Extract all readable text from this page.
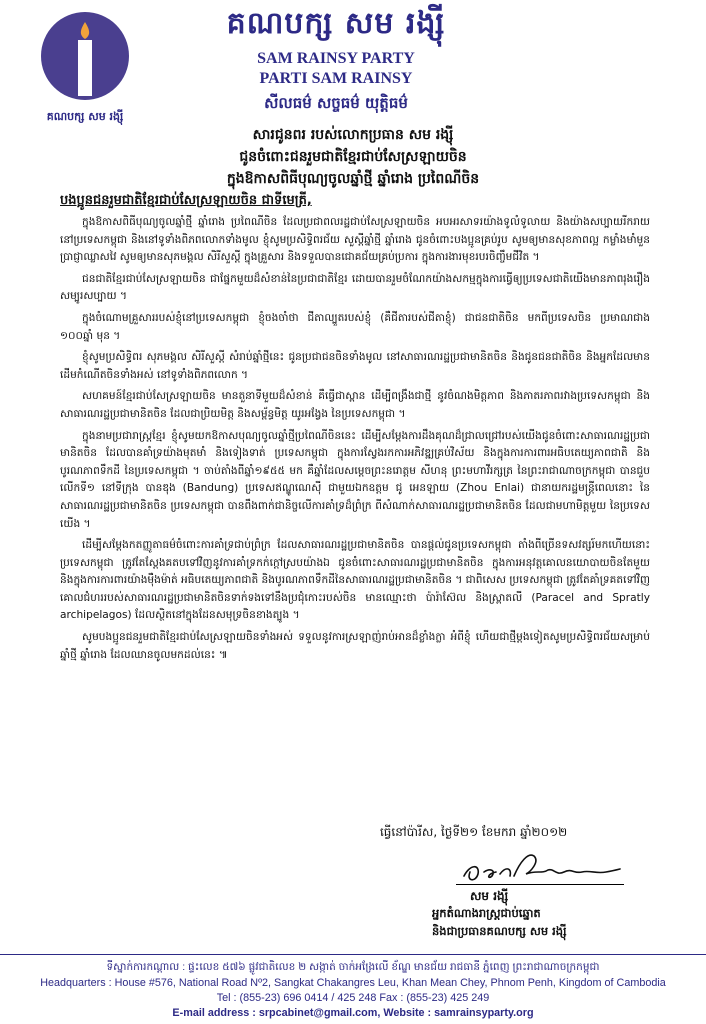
គណបក្ស សម រង្ស៊ី
គណបក្ស សម រង្ស៊ី
SAM RAINSY PARTY
PARTI SAM RAINSY
សីលធម៌ សច្ចធម៌ យុត្តិធម៌
សារជូនពរ របស់លោកប្រធាន សម រង្ស៊ី
ជូនចំពោះជនរួមជាតិខ្មែរជាប់សែស្រឡាយចិន
ក្នុងឱកាសពិធីបុណ្យចូលឆ្នាំថ្មី ឆ្នាំរោង ប្រពៃណីចិន
បងប្អូនជនរួមជាតិខ្មែរជាប់សែស្រឡាយចិន ជាទីមេត្រី,

ក្នុងឱកាសពិធីបុណ្យចូលឆ្នាំថ្មី ឆ្នាំរោង ប្រពៃណីចិន ដែលប្រជាពលរដ្ឋជាប់សែស្រឡាយចិន អបអរសាទរយ៉ាងទូលំទូលាយ និងយ៉ាងសប្បាយរីករាយ នៅប្រទេសកម្ពុជា និងនៅទូទាំងពិភពលោកទាំងមូល ខ្ញុំសូមប្រសិទ្ធិពរជ័យ សួស្តីឆ្នាំថ្មី ឆ្នាំរោង ជូនចំពោះបងប្អូនគ្រប់រូប សូមឲ្យមានសុខភាពល្អ កម្លាំងមាំមួន ប្រាជ្ញាឈ្លាសវៃ សូមឲ្យមានសុភមង្គល សិរីសួស្តី ក្នុងគ្រួសារ និងទទួលបានជោគជ័យគ្រប់ប្រការ ក្នុងការងារមុខរបរចិញ្ចឹមជីវិត ។

ជនជាតិខ្មែរជាប់សែស្រឡាយចិន ជាផ្នែកមួយដ៏សំខាន់នៃប្រជាជាតិខ្មែរ ដោយបានរួមចំណែកយ៉ាងសកម្មក្នុងការធ្វើឲ្យប្រទេសជាតិយើងមានភាពរុងរឿង សម្បូរសប្បាយ ។

ក្នុងចំណោមគ្រួសាររបស់ខ្ញុំនៅប្រទេសកម្ពុជា ខ្ញុំចងចាំថា ជីតាល្បួតរបស់ខ្ញុំ (គឺជីតារបស់ជីតាខ្ញុំ) ជាជនជាតិចិន មកពីប្រទេសចិន ប្រមាណជាង ១០០ឆ្នាំ មុន ។

ខ្ញុំសូមប្រសិទ្ធិពរ សុភមង្គល សិរីសួស្តី សំរាប់ឆ្នាំថ្មីនេះ ជូនប្រជាជនចិនទាំងមូល នៅសាធារណរដ្ឋប្រជាមានិតចិន និងជូនជនជាតិចិន និងអ្នកដែលមានដើមកំណើតចិនទាំងអស់ នៅទូទាំងពិភពលោក ។

សហគមន៍ខ្មែរជាប់សែស្រឡាយចិន មានតួនាទីមួយដ៏សំខាន់ គឺធ្វើជាស្ពាន ដើម្បីពង្រឹងជាថ្មី នូវចំណងមិត្តភាព និងភាតរភាពរវាងប្រទេសកម្ពុជា និងសាធារណរដ្ឋប្រជាមានិតចិន ដែលជាប្រិយមិត្ត និងសម្ព័ន្ធមិត្ត យូរអង្វែង នៃប្រទេសកម្ពុជា ។

ក្នុងនាមប្រជារាស្ត្រខ្មែរ ខ្ញុំសូមយកឱកាសបុណ្យចូលឆ្នាំថ្មីប្រពៃណីចិននេះ ដើម្បីសម្តែងការដឹងគុណដ៏ជ្រាលជ្រៅរបស់យើងជូនចំពោះសាធារណរដ្ឋប្រជាមានិតចិន ដែលបានគាំទ្រយ៉ាងមុតមាំ និងទៀងទាត់ ប្រទេសកម្ពុជា ក្នុងការស្វែងរកការអភិវឌ្ឍគ្រប់វិស័យ និងក្នុងការការពារអធិបតេយ្យភាពជាតិ និងបូរណភាពទឹកដី នៃប្រទេសកម្ពុជា ។ ចាប់តាំងពីឆ្នាំ១៩៥៥ មក គឺឆ្នាំដែលសម្តេចព្រះនរោត្តម សីហនុ ព្រះមហាវីរក្សត្រ នៃព្រះរាជាណាចក្រកម្ពុជា បានជួបលើកទី១ នៅទីក្រុង បានឌុង (Bandung) ប្រទេសឥណ្ឌូណេស៊ី ជាមួយឯកឧត្តម ជូ អេនឡាយ (Zhou Enlai) ជានាយករដ្ឋមន្ត្រីពេលនោះ នៃសាធារណរដ្ឋប្រជាមានិតចិន ប្រទេសកម្ពុជា បានពឹងពាក់ជានិច្ចលើការគាំទ្រដ៏ព្រំក្រ ពីសំណាក់សាធារណរដ្ឋប្រជាមានិតចិន ដែលជាមហាមិត្តមួយ នៃប្រទេសយើង ។

ដើម្បីសម្តែងកតញ្ញូតាធម៌ចំពោះការគាំទ្រជាប់ព្រំក្រ ដែលសាធារណរដ្ឋប្រជាមានិតចិន បានផ្តល់ជូនប្រទេសកម្ពុជា តាំងពីច្រើនទសវត្សរ៍មកហើយនោះ ប្រទេសកម្ពុជា ត្រូវតែស្តែងគតបទៅវិញនូវការគាំទ្រកក់ក្តៅស្របយ៉ាងឯ ជូនចំពោះសាធារណរដ្ឋប្រជាមានិតចិន ក្នុងការអនុវត្តគោលនយោបាយចិនតែមួយ និងក្នុងការការពារយ៉ាងម៉ឺងម៉ាត់ អធិបតេយ្យភាពជាតិ និងបូរណភាពទឹកដីនៃសាធារណរដ្ឋប្រជាមានិតចិន ។ ជាពិសេស ប្រទេសកម្ពុជា ត្រូវតែគាំទ្រគតទៅវិញ គោលជំហររបស់សាធារណរដ្ឋប្រជាមានិតចិនទាក់ទងទៅនឹងប្រជុំកោះរបស់ចិន មានឈ្មោះថា ប៉ារ៉ាស៊ែល និងស្ព្រាតលី (Paracel and Spratly archipelagos) ដែលស្ថិតនៅក្នុងដែនសមុទ្រចិនខាងត្បូង ។

សូមបងប្អូនជនរួមជាតិខ្មែរជាប់សែស្រឡាយចិនទាំងអស់ ទទួលនូវការស្រឡាញ់រាប់អានដ៏ខ្លាំងក្លា អំពីខ្ញុំ ហើយជាថ្មីម្តងទៀតសូមប្រសិទ្ធិពរជ័យសម្រាប់ឆ្នាំថ្មី ឆ្នាំរោង ដែលឈានចូលមកដល់នេះ ៕

ធ្វើនៅប៉ារីស, ថ្ងៃទី២១ ខែមករា ឆ្នាំ២០១២
សម រង្ស៊ី
អ្នកតំណាងរាស្ត្រជាប់ឆ្នោត
និងជាប្រធានគណបក្ស សម រង្ស៊ី
ទីស្នាក់ការកណ្តាល : ផ្ទះលេខ ៥៧៦ ផ្លូវជាតិលេខ ២ សង្កាត់ ចាក់អង្រែលើ ខ័ណ្ឌ មានជ័យ រាជធានី ភ្នំពេញ ព្រះរាជាណាចក្រកម្ពុជា
Headquarters : House #576, National Road Nº2, Sangkat Chakangres Leu, Khan Mean Chey, Phnom Penh, Kingdom of Cambodia
Tel : (855-23) 696 0414 / 425 248 Fax : (855-23) 425 249
E-mail address : srpcabinet@gmail.com, Website : samrainsyparty.org
